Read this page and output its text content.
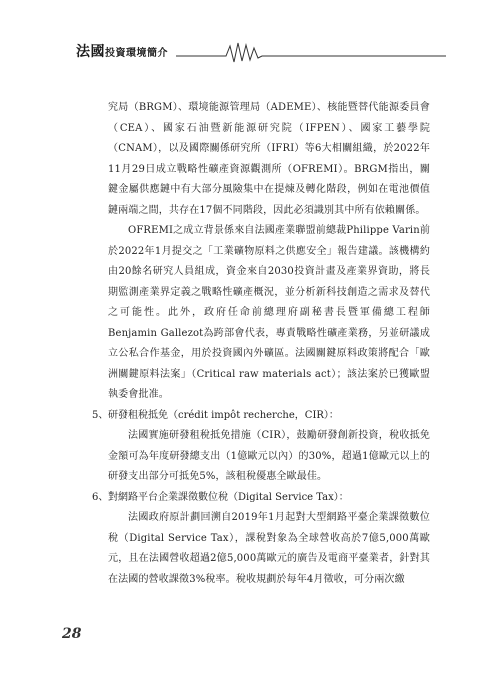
法國投資環境簡介

究局（BRGM）、環境能源管理局（ADEME）、核能暨替代能源委員會（CEA）、國家石油暨新能源研究院（IFPEN）、國家工藝學院（CNAM），以及國際關係研究所（IFRI）等6大相關組織，於2022年11月29日成立戰略性礦產資源觀測所（OFREMI）。BRGM指出，關鍵金屬供應鏈中有大部分風險集中在提煉及轉化階段，例如在電池價值鏈兩端之間，共存在17個不同階段，因此必須識別其中所有依賴關係。

OFREMI之成立背景係來自法國產業聯盟前總裁Philippe Varin前於2022年1月提交之「工業礦物原料之供應安全」報告建議。該機構約由20餘名研究人員組成，資金來自2030投資計畫及產業界資助，將長期監測產業界定義之戰略性礦產概況，並分析新科技創造之需求及替代之可能性。此外，政府任命前總理府副秘書長暨軍備總工程師Benjamin Gallezot為跨部會代表，專責戰略性礦產業務，另並研議成立公私合作基金，用於投資國內外礦區。法國關鍵原料政策將配合「歐洲關鍵原料法案」（Critical raw materials act）；該法案於已獲歐盟執委會批准。

5、研發租稅抵免（crédit impôt recherche，CIR）：

法國實施研發租稅抵免措施（CIR），鼓勵研發創新投資，稅收抵免金額可為年度研發總支出（1億歐元以內）的30%，超過1億歐元以上的研發支出部分可抵免5%，該租稅優惠全歐最佳。

6、對網路平台企業課徵數位稅（Digital Service Tax）：

法國政府原計劃回溯自2019年1月起對大型網路平臺企業課徵數位稅（Digital Service Tax），課稅對象為全球營收高於7億5,000萬歐元，且在法國營收超過2億5,000萬歐元的廣告及電商平臺業者，針對其在法國的營收課徵3%稅率。稅收規劃於每年4月徵收，可分兩次繳

28
